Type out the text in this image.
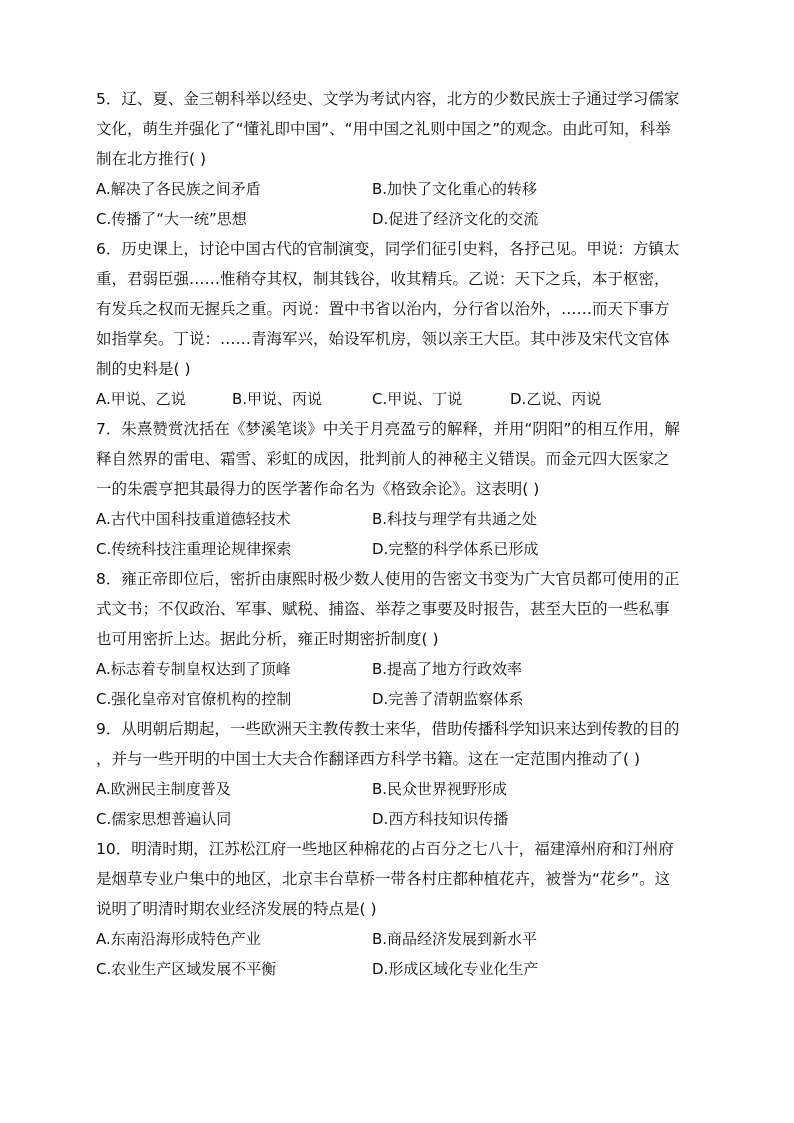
5．辽、夏、金三朝科举以经史、文学为考试内容，北方的少数民族士子通过学习儒家

文化，萌生并强化了“懂礼即中国”、“用中国之礼则中国之”的观念。由此可知，科举

制在北方推行( )

A.解决了各民族之间矛盾	B.加快了文化重心的转移
C.传播了“大一统”思想	D.促进了经济文化的交流

6．历史课上，讨论中国古代的官制演变，同学们征引史料，各抒己见。甲说：方镇太

重，君弱臣强……惟稍夺其权，制其钱谷，收其精兵。乙说：天下之兵，本于枢密，

有发兵之权而无握兵之重。丙说：置中书省以治内，分行省以治外，……而天下事方

如指掌矣。丁说：……青海军兴，始设军机房，领以亲王大臣。其中涉及宋代文官体

制的史料是( )

A.甲说、乙说	B.甲说、丙说	C.甲说、丁说	D.乙说、丙说

7．朱熹赞赏沈括在《梦溪笔谈》中关于月亮盈亏的解释，并用“阴阳”的相互作用，解

释自然界的雷电、霜雪、彩虹的成因，批判前人的神秘主义错误。而金元四大医家之

一的朱震亨把其最得力的医学著作命名为《格致余论》。这表明( )

A.古代中国科技重道德轻技术	B.科技与理学有共通之处
C.传统科技注重理论规律探索	D.完整的科学体系已形成

8．雍正帝即位后，密折由康熙时极少数人使用的告密文书变为广大官员都可使用的正

式文书；不仅政治、军事、赋税、捕盗、举荐之事要及时报告，甚至大臣的一些私事

也可用密折上达。据此分析，雍正时期密折制度( )

A.标志着专制皇权达到了顶峰	B.提高了地方行政效率
C.强化皇帝对官僚机构的控制	D.完善了清朝监察体系

9．从明朝后期起，一些欧洲天主教传教士来华，借助传播科学知识来达到传教的目的

，并与一些开明的中国士大夫合作翻译西方科学书籍。这在一定范围内推动了( )

A.欧洲民主制度普及	B.民众世界视野形成
C.儒家思想普遍认同	D.西方科技知识传播

10．明清时期，江苏松江府一些地区种棉花的占百分之七八十，福建漳州府和汀州府

是烟草专业户集中的地区，北京丰台草桥一带各村庄都种植花卉，被誉为“花乡”。这

说明了明清时期农业经济发展的特点是( )

A.东南沿海形成特色产业	B.商品经济发展到新水平
C.农业生产区域发展不平衡	D.形成区域化专业化生产
